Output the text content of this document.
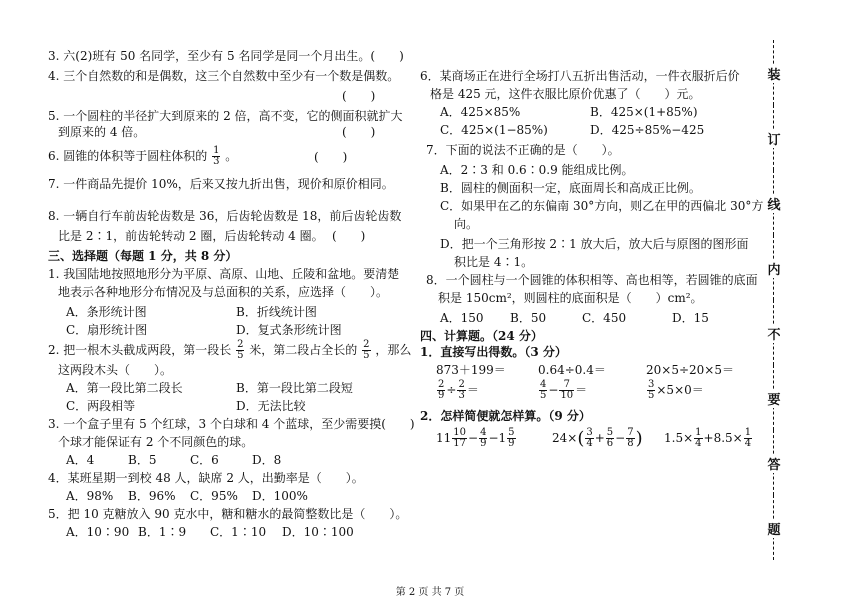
3. 六(2)班有 50 名同学，至少有 5 名同学是同一个月出生。(　　)
4. 三个自然数的和是偶数，这三个自然数中至少有一个数是偶数。
(　　)
5. 一个圆柱的半径扩大到原来的 2 倍，高不变，它的侧面积就扩大
到原来的 4 倍。	(　　)
6. 圆锥的体积等于圆柱体积的 $\frac{1}{3}$ 。	(　　)
7. 一件商品先提价 10%，后来又按九折出售，现价和原价相同。
8. 一辆自行车前齿轮齿数是 36，后齿轮齿数是 18，前后齿轮齿数
比是 2∶1，前齿轮转动 2 圈，后齿轮转动 4 圈。 (　　)
三、选择题（每题 1 分，共 8 分）
1. 我国陆地按照地形分为平原、高原、山地、丘陵和盆地。要清楚
地表示各种地形分布情况及与总面积的关系，应选择（　　）。
A．条形统计图	B．折线统计图
C．扇形统计图	D．复式条形统计图
2. 把一根木头截成两段，第一段长 $\frac{2}{5}$ 米，第二段占全长的 $\frac{2}{5}$ ，那么
这两段木头（　　）。
A．第一段比第二段长	B．第一段比第二段短
C．两段相等	D．无法比较
3. 一个盒子里有 5 个红球，3 个白球和 4 个蓝球，至少需要摸(　　)
个球才能保证有 2 个不同颜色的球。
A．4	B．5	C．6	D．8
4．某班星期一到校 48 人，缺席 2 人，出勤率是（　　）。
A．98% B．96% C．95% D．100%
5．把 10 克糖放入 90 克水中，糖和糖水的最简整数比是（　　）。
A．10∶90 B．1∶9 C．1∶10 D．10∶100
6．某商场正在进行全场打八五折出售活动，一件衣服折后价
格是 425 元，这件衣服比原价优惠了（　　）元。
A．425×85%	B．425×(1+85%)
C．425×(1−85%)	D．425÷85%−425
7．下面的说法不正确的是（　　）。
A．2∶3 和 0.6∶0.9 能组成比例。
B．圆柱的侧面积一定，底面周长和高成正比例。
C．如果甲在乙的东偏南 30°方向，则乙在甲的西偏北 30°方
向。
D．把一个三角形按 2∶1 放大后，放大后与原图的图形面
积比是 4∶1。
8．一个圆柱与一个圆锥的体积相等、高也相等，若圆锥的底面
积是 150cm²，则圆柱的底面积是（　　）cm²。
A．150 B．50	C．450	D．15
四、计算题。（24 分）
1．直接写出得数。（3 分）
873＋199＝	0.64÷0.4＝	20×5÷20×5＝
$\frac{2}{9} \div \frac{2}{3}$ ＝	$\frac{4}{5} - \frac{7}{10}$ ＝	$\frac{3}{5} \times 5\times 0=$
2．怎样简便就怎样算。（9 分）
$11 \frac{10}{17} - \frac{4}{9} -1 \frac{5}{9}$	$24\times( \frac{3}{4} + \frac{5}{6} - \frac{7}{8}$ ) $1.5\times \frac{1}{4} +8.5\times \frac{1}{4}$
装
订
线
内
不
要
答
题
第 2 页 共 7 页
